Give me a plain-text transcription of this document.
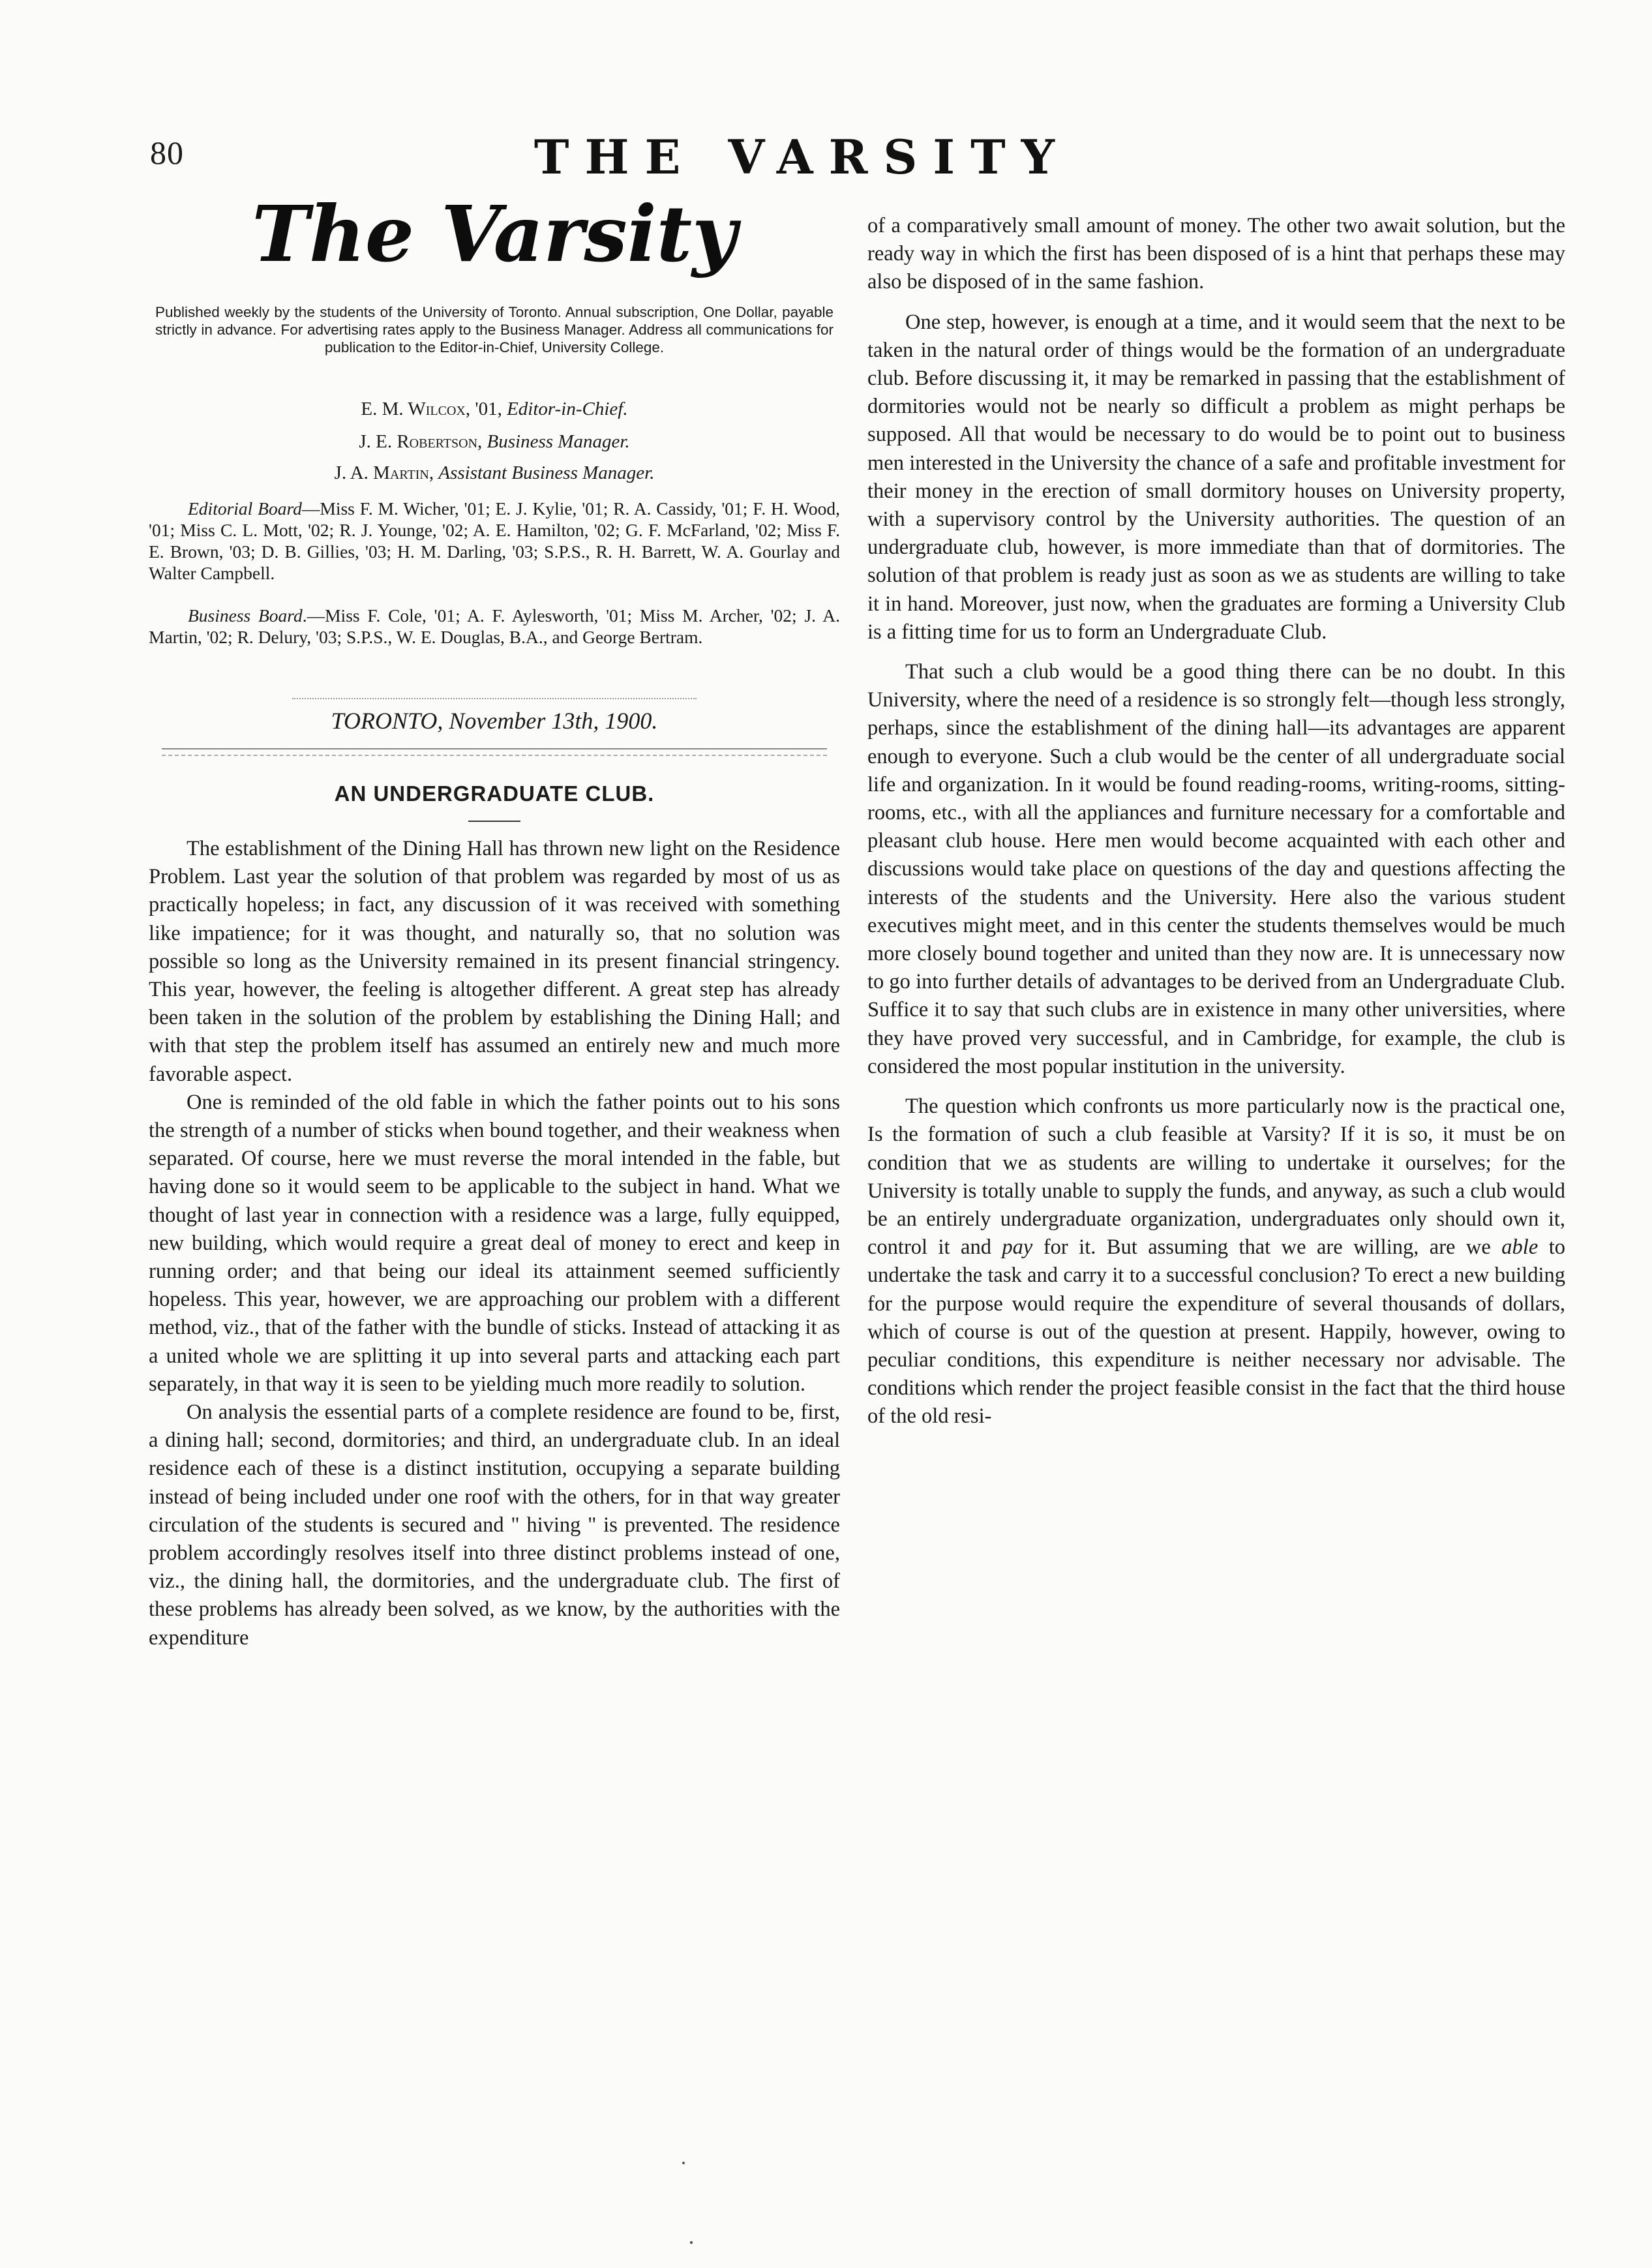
80	THE VARSITY
The Varsity
Published weekly by the students of the University of Toronto. Annual subscription, One Dollar, payable strictly in advance. For advertising rates apply to the Business Manager. Address all communications for publication to the Editor-in-Chief, University College.
E. M. Wilcox, '01, Editor-in-Chief.
J. E. Robertson, Business Manager.
J. A. Martin, Assistant Business Manager.
Editorial Board—Miss F. M. Wicher, '01; E. J. Kylie, '01; R. A. Cassidy, '01; F. H. Wood, '01; Miss C. L. Mott, '02; R. J. Younge, '02; A. E. Hamilton, '02; G. F. McFarland, '02; Miss F. E. Brown, '03; D. B. Gillies, '03; H. M. Darling, '03; S.P.S., R. H. Barrett, W. A. Gourlay and Walter Campbell.
Business Board.—Miss F. Cole, '01; A. F. Aylesworth, '01; Miss M. Archer, '02; J. A. Martin, '02; R. Delury, '03; S.P.S., W. E. Douglas, B.A., and George Bertram.
TORONTO, November 13th, 1900.
AN UNDERGRADUATE CLUB.

The establishment of the Dining Hall has thrown new light on the Residence Problem. Last year the solution of that problem was regarded by most of us as practically hopeless; in fact, any discussion of it was received with something like impatience; for it was thought, and naturally so, that no solution was possible so long as the University remained in its present financial stringency. This year, however, the feeling is altogether different. A great step has already been taken in the solution of the problem by establishing the Dining Hall; and with that step the problem itself has assumed an entirely new and much more favorable aspect.

One is reminded of the old fable in which the father points out to his sons the strength of a number of sticks when bound together, and their weakness when separated. Of course, here we must reverse the moral intended in the fable, but having done so it would seem to be applicable to the subject in hand. What we thought of last year in connection with a residence was a large, fully equipped, new building, which would require a great deal of money to erect and keep in running order; and that being our ideal its attainment seemed sufficiently hopeless. This year, however, we are approaching our problem with a different method, viz., that of the father with the bundle of sticks. Instead of attacking it as a united whole we are splitting it up into several parts and attacking each part separately, in that way it is seen to be yielding much more readily to solution.

On analysis the essential parts of a complete residence are found to be, first, a dining hall; second, dormitories; and third, an undergraduate club. In an ideal residence each of these is a distinct institution, occupying a separate building instead of being included under one roof with the others, for in that way greater circulation of the students is secured and " hiving " is prevented. The residence problem accordingly resolves itself into three distinct problems instead of one, viz., the dining hall, the dormitories, and the undergraduate club. The first of these problems has already been solved, as we know, by the authorities with the expenditure

of a comparatively small amount of money. The other two await solution, but the ready way in which the first has been disposed of is a hint that perhaps these may also be disposed of in the same fashion.

One step, however, is enough at a time, and it would seem that the next to be taken in the natural order of things would be the formation of an undergraduate club. Before discussing it, it may be remarked in passing that the establishment of dormitories would not be nearly so difficult a problem as might perhaps be supposed. All that would be necessary to do would be to point out to business men interested in the University the chance of a safe and profitable investment for their money in the erection of small dormitory houses on University property, with a supervisory control by the University authorities. The question of an undergraduate club, however, is more immediate than that of dormitories. The solution of that problem is ready just as soon as we as students are willing to take it in hand. Moreover, just now, when the graduates are forming a University Club is a fitting time for us to form an Undergraduate Club.

That such a club would be a good thing there can be no doubt. In this University, where the need of a residence is so strongly felt—though less strongly, perhaps, since the establishment of the dining hall—its advantages are apparent enough to everyone. Such a club would be the center of all undergraduate social life and organization. In it would be found reading-rooms, writing-rooms, sitting-rooms, etc., with all the appliances and furniture necessary for a comfortable and pleasant club house. Here men would become acquainted with each other and discussions would take place on questions of the day and questions affecting the interests of the students and the University. Here also the various student executives might meet, and in this center the students themselves would be much more closely bound together and united than they now are. It is unnecessary now to go into further details of advantages to be derived from an Undergraduate Club. Suffice it to say that such clubs are in existence in many other universities, where they have proved very successful, and in Cambridge, for example, the club is considered the most popular institution in the university.

The question which confronts us more particularly now is the practical one, Is the formation of such a club feasible at Varsity? If it is so, it must be on condition that we as students are willing to undertake it ourselves; for the University is totally unable to supply the funds, and anyway, as such a club would be an entirely undergraduate organization, undergraduates only should own it, control it and pay for it. But assuming that we are willing, are we able to undertake the task and carry it to a successful conclusion? To erect a new building for the purpose would require the expenditure of several thousands of dollars, which of course is out of the question at present. Happily, however, owing to peculiar conditions, this expenditure is neither necessary nor advisable. The conditions which render the project feasible consist in the fact that the third house of the old resi-
